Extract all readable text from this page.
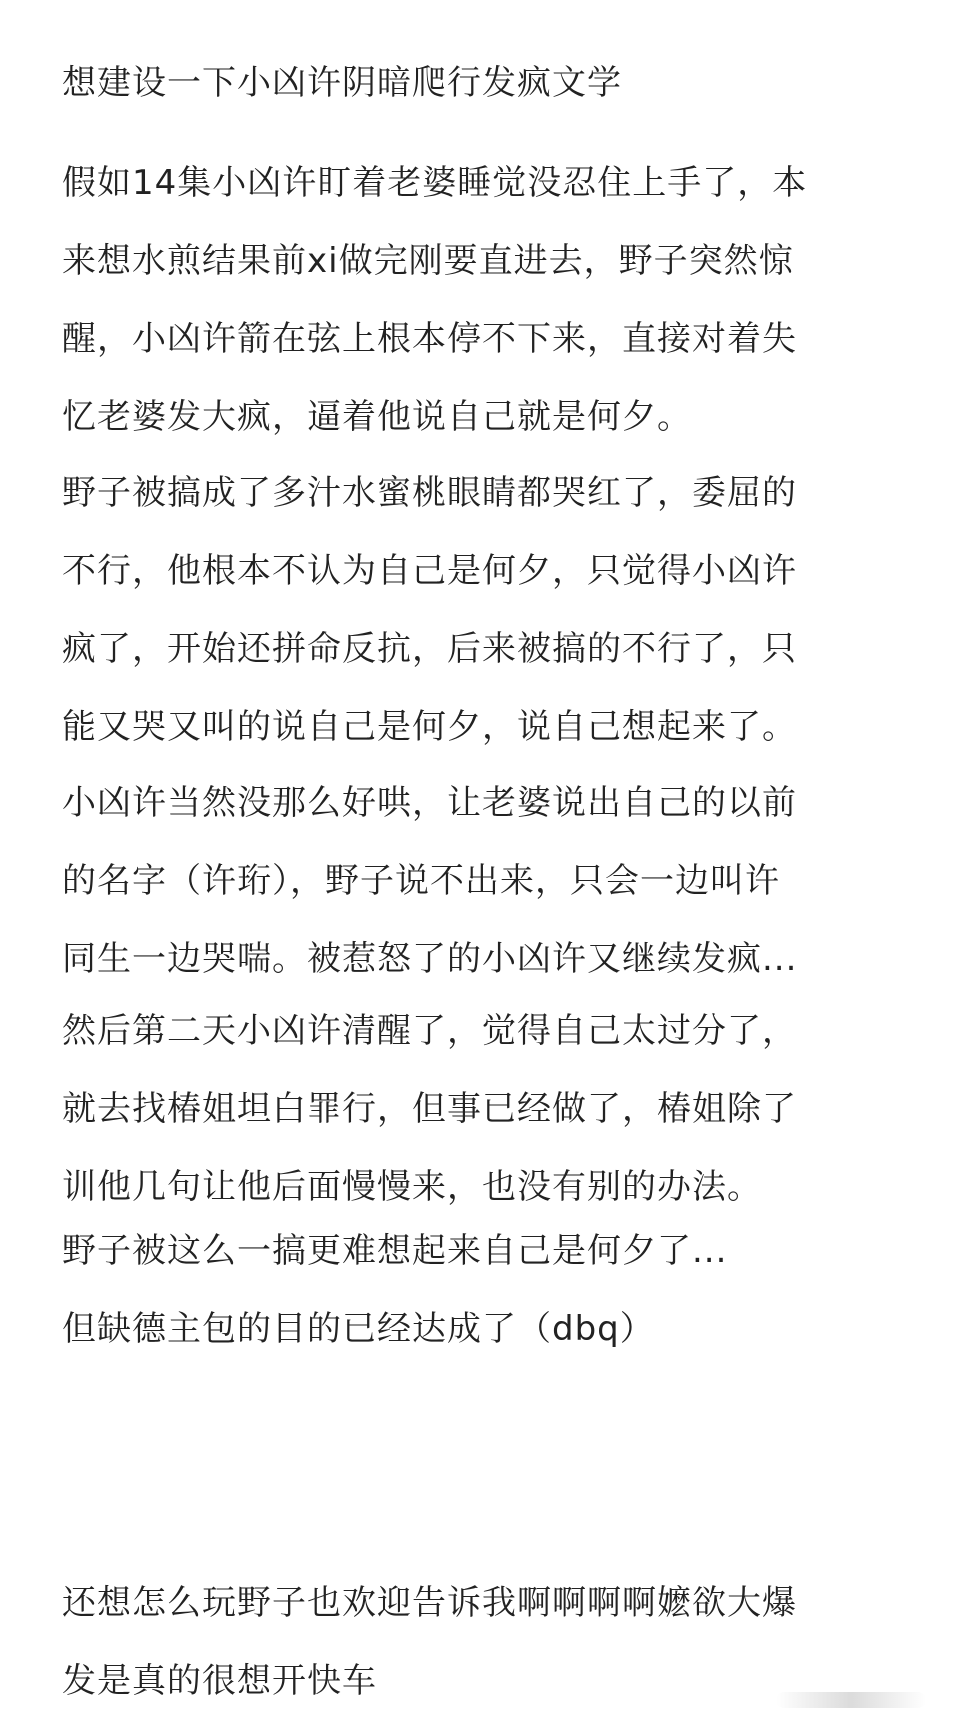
想建设一下小凶许阴暗爬行发疯文学

假如14集小凶许盯着老婆睡觉没忍住上手了，本
来想水煎结果前xi做完刚要直进去，野子突然惊
醒，小凶许箭在弦上根本停不下来，直接对着失
忆老婆发大疯，逼着他说自己就是何夕。

野子被搞成了多汁水蜜桃眼睛都哭红了，委屈的
不行，他根本不认为自己是何夕，只觉得小凶许
疯了，开始还拼命反抗，后来被搞的不行了，只
能又哭又叫的说自己是何夕，说自己想起来了。

小凶许当然没那么好哄，让老婆说出自己的以前
的名字（许珩），野子说不出来，只会一边叫许
同生一边哭喘。被惹怒了的小凶许又继续发疯...

然后第二天小凶许清醒了，觉得自己太过分了，
就去找椿姐坦白罪行，但事已经做了，椿姐除了
训他几句让他后面慢慢来，也没有别的办法。

野子被这么一搞更难想起来自己是何夕了...

但缺德主包的目的已经达成了（dbq）

还想怎么玩野子也欢迎告诉我啊啊啊啊嬷欲大爆
发是真的很想开快车
